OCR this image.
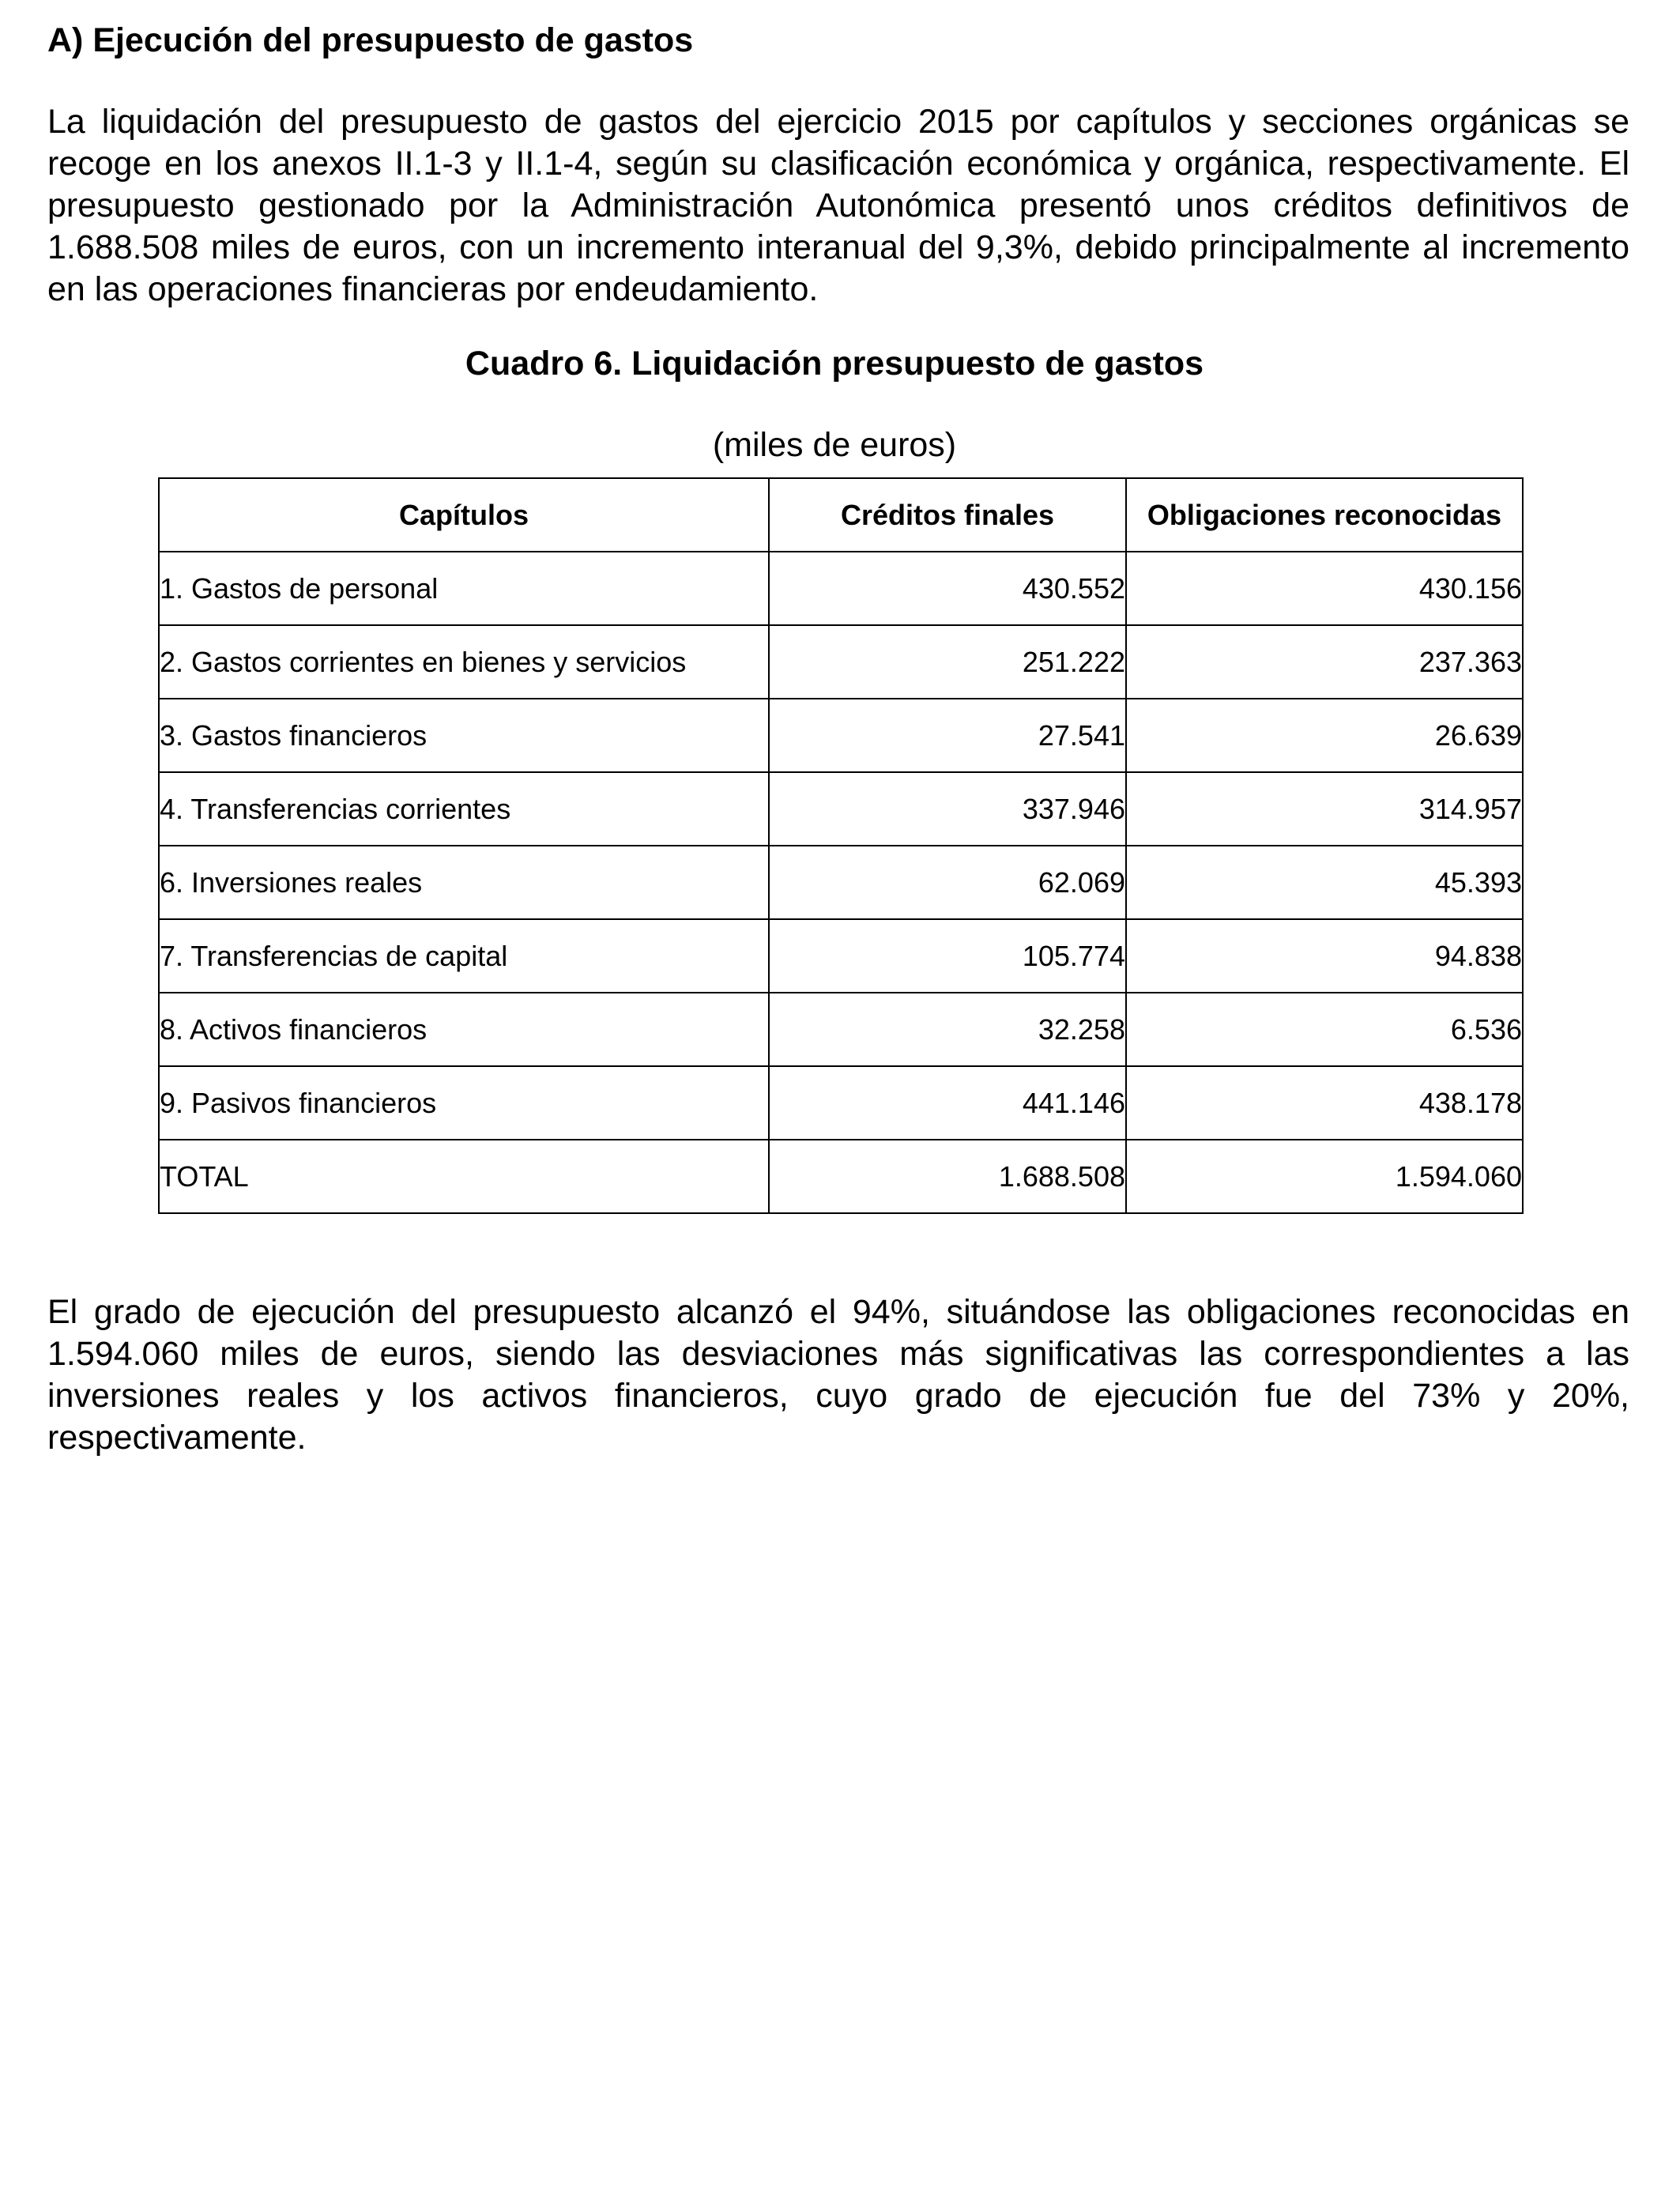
A) Ejecución del presupuesto de gastos

La liquidación del presupuesto de gastos del ejercicio 2015 por capítulos y secciones orgánicas se recoge en los anexos II.1-3 y II.1-4, según su clasificación económica y orgánica, respectivamente. El presupuesto gestionado por la Administración Autonómica presentó unos créditos definitivos de 1.688.508 miles de euros, con un incremento interanual del 9,3%, debido principalmente al incremento en las operaciones financieras por endeudamiento.

Cuadro 6. Liquidación presupuesto de gastos

(miles de euros)

Capítulos	Créditos finales	Obligaciones reconocidas
1. Gastos de personal	430.552	430.156
2. Gastos corrientes en bienes y servicios	251.222	237.363
3. Gastos financieros	27.541	26.639
4. Transferencias corrientes	337.946	314.957
6. Inversiones reales	62.069	45.393
7. Transferencias de capital	105.774	94.838
8. Activos financieros	32.258	6.536
9. Pasivos financieros	441.146	438.178
TOTAL	1.688.508	1.594.060

El grado de ejecución del presupuesto alcanzó el 94%, situándose las obligaciones reconocidas en 1.594.060 miles de euros, siendo las desviaciones más significativas las correspondientes a las inversiones reales y los activos financieros, cuyo grado de ejecución fue del 73% y 20%, respectivamente.
